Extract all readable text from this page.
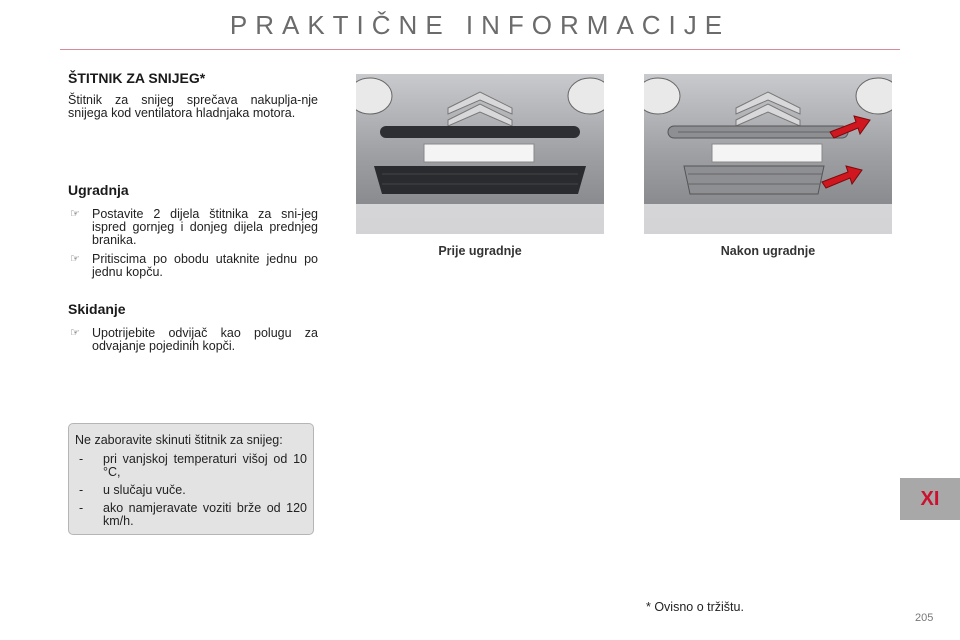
PRAKTIČNE INFORMACIJE
ŠTITNIK ZA SNIJEG*

Štitnik za snijeg sprečava nakuplja-nje snijega kod ventilatora hladnjaka motora.

Ugradnja
☞ Postavite 2 dijela štitnika za sni-jeg ispred gornjeg i donjeg dijela prednjeg branika.
☞ Pritiscima po obodu utaknite jednu po jednu kopču.
Skidanje
☞ Upotrijebite odvijač kao polugu za odvajanje pojedinih kopči.
Ne zaboravite skinuti štitnik za snijeg:
- pri vanjskoj temperaturi višoj od 10 °C,
- u slučaju vuče.
- ako namjeravate voziti brže od 120 km/h.
Prije ugradnje	Nakon ugradnje
XI
* Ovisno o tržištu.
205
